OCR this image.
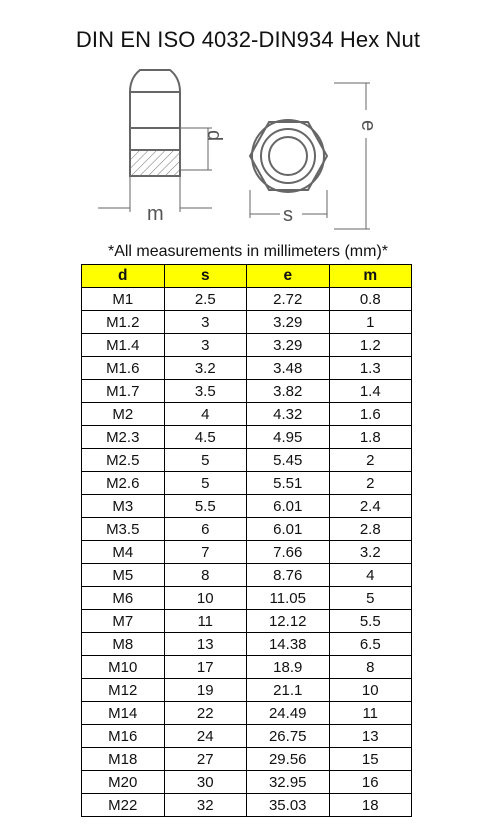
DIN EN ISO 4032-DIN934 Hex Nut
d
m	s
e
*All measurements in millimeters (mm)*
d	s	e	m
M1	2.5	2.72	0.8
M1.2	3	3.29	1
M1.4	3	3.29	1.2
M1.6	3.2	3.48	1.3
M1.7	3.5	3.82	1.4
M2	4	4.32	1.6
M2.3	4.5	4.95	1.8
M2.5	5	5.45	2
M2.6	5	5.51	2
M3	5.5	6.01	2.4
M3.5	6	6.01	2.8
M4	7	7.66	3.2
M5	8	8.76	4
M6	10	11.05	5
M7	11	12.12	5.5
M8	13	14.38	6.5
M10	17	18.9	8
M12	19	21.1	10
M14	22	24.49	11
M16	24	26.75	13
M18	27	29.56	15
M20	30	32.95	16
M22	32	35.03	18
